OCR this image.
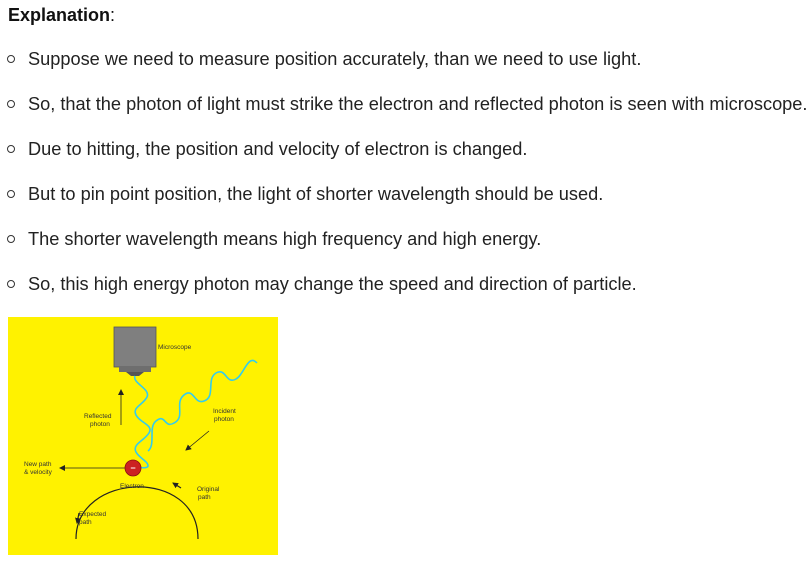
Explanation:
Suppose we need to measure position accurately, than we need to use light.
So, that the photon of light must strike the electron and reflected photon is seen with microscope.
Due to hitting, the position and velocity of electron is changed.
But to pin point position, the light of shorter wavelength should be used.
The shorter wavelength means high frequency and high energy.
So, this high energy photon may change the speed and direction of particle.
Microscope
Reflected
photon
Incident
photon
New path
& velocity	−
Electron	Original
path
Expected
path
